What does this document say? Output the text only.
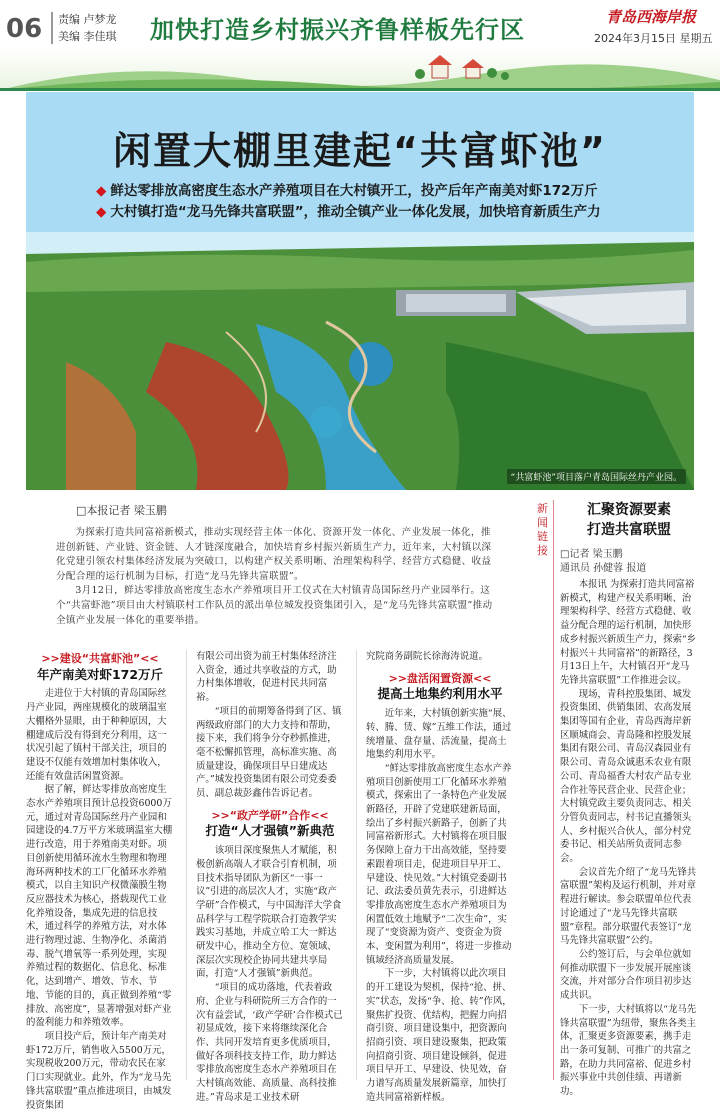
06	责编 卢梦龙
美编 李佳琪 加快打造乡村振兴齐鲁样板先行区	青岛西海岸报
2024年3月15日 星期五
闲置大棚里建起“共富虾池”
◆ 鲜达零排放高密度生态水产养殖项目在大村镇开工，投产后年产南美对虾172万斤
◆ 大村镇打造“龙马先锋共富联盟”，推动全镇产业一体化发展，加快培育新质生产力
“共富虾池”项目落户青岛国际丝丹产业园。
□本报记者 梁玉鹏

为探索打造共同富裕新模式，推动实现经营主体一体化、资源开发一体化、产业发展一体化，推进创新链、产业链、资金链、人才链深度融合，加快培育乡村振兴新质生产力，近年来，大村镇以深化党建引领农村集体经济发展为突破口，以构建产权关系明晰、治理架构科学、经营方式稳健、收益分配合理的运行机制为目标，打造“龙马先锋共富联盟”。

3月12日，鲜达零排放高密度生态水产养殖项目开工仪式在大村镇青岛国际丝丹产业园举行。这个“共富虾池”项目由大村镇联村工作队员的派出单位城发投资集团引入，是“龙马先锋共富联盟”推动全镇产业发展一体化的重要举措。

新闻链接
汇聚资源要素
打造共富联盟
□记者 梁玉鹏
通讯员 孙健蓉 报道

本报讯 为探索打造共同富裕新模式，构建产权关系明晰、治理架构科学、经营方式稳健、收益分配合理的运行机制，加快形成乡村振兴新质生产力，探索“乡村振兴＋共同富裕”的新路径，3月13日上午，大村镇召开“龙马先锋共富联盟”工作推进会议。

现场，青科控股集团、城发投资集团、供销集团、农高发展集团等国有企业，青岛西海岸新区顺城商会、青岛隆和控股发展集团有限公司、青岛汉森园业有限公司、青岛众诚惠禾农业有限公司、青岛福香大村农产品专业合作社等民营企业、民营企业；大村镇党政主要负责同志、相关分管负责同志，村书记直播领头人、乡村振兴合伙人，部分村党委书记、相关站所负责同志参会。

会议首先介绍了“龙马先锋共富联盟”架构及运行机制，并对章程进行解读。参会联盟单位代表讨论通过了“龙马先锋共富联盟”章程。部分联盟代表签订“龙马先锋共富联盟”公约。

公约签订后，与会单位就如何推动联盟下一步发展开展座谈交流，并对部分合作项目初步达成共识。

下一步，大村镇将以“龙马先锋共富联盟”为纽带，聚焦各类主体，汇聚更多资源要素，携手走出一条可复制、可推广的共富之路，在助力共同富裕、促进乡村振兴事业中共创佳绩、再谱新功。

>>建设“共富虾池”<<
年产南美对虾172万斤

走进位于大村镇的青岛国际丝丹产业园，两座规模化的玻璃温室大棚格外显眼，由于种种原因，大棚建成后没有得到充分利用，这一状况引起了镇村干部关注，项目的建设不仅能有效增加村集体收入，还能有效盘活闲置资源。

据了解，鲜达零排放高密度生态水产养殖项目预计总投资6000万元，通过对青岛国际丝丹产业园和园建设的4.7万平方米玻璃温室大棚进行改造，用于养殖南美对虾。项目创新使用循环流水生物理和物理海环两种技术的工厂化循环水养殖模式，以自主知识产权微藻膜生物反应器技术为核心，搭载现代工业化养殖设备，集成先进的信息技术，通过科学的养殖方法，对水体进行物理过滤、生物净化、杀菌消毒、脱气增氧等一系列处理，实现养殖过程的数据化、信息化、标准化，达到增产、增效、节水、节地、节能的目的，真正做到养殖“零排放、高密度”，显著增强对虾产业的盈利能力和养殖效率。

项目投产后，预计年产南美对虾172万斤，销售收入5500万元，实现税收200万元，带动农民在家门口实现就业。此外，作为“龙马先锋共富联盟”重点推进项目，由城发投资集团

有限公司出资为前王村集体经济注入资金，通过共享收益的方式，助力村集体增收，促进村民共同富裕。

“项目的前期筹备得到了区、镇两级政府部门的大力支持和帮助，接下来，我们将争分夺秒抓推进，毫不松懈抓管理，高标准实施、高质量建设，确保项目早日建成达产。”城发投资集团有限公司党委委员、副总裁彭鑫伟告诉记者。

>>“政产学研”合作<<
打造“人才强镇”新典范

该项目深度聚焦人才赋能，积极创新高端人才联合引育机制，项目技术指导团队为新区“一事一议”引进的高层次人才，实施“政产学研”合作模式，与中国海洋大学食品科学与工程学院联合打造教学实践实习基地，并成立哈工大一鲜达研发中心，推动全方位、宽领域、深层次实现校企协同共建共享局面，打造“人才强镇”新典范。

“项目的成功落地，代表着政府、企业与科研院所三方合作的一次有益尝试，‘政产学研’合作模式已初显成效，接下来将继续深化合作、共同开发培育更多优质项目，做好各项科技支持工作，助力鲜达零排放高密度生态水产养殖项目在大村镇高效能、高质量、高科技推进。”青岛求是工业技术研

究院商务副院长徐海涛说道。

>>盘活闲置资源<<
提高土地集约利用水平

近年来，大村镇创新实施“展、转、腾、赁、嫁”五维工作法，通过统增量、盘存量、活流量，提高土地集约利用水平。

“鲜达零排放高密度生态水产养殖项目创新使用工厂化循环水养殖模式，探索出了一条特色产业发展新路径，开辟了党建联建新局面，绘出了乡村振兴新路子，创新了共同富裕新形式。大村镇将在项目服务保障上奋力干出高效能，坚持要素跟着项目走，促进项目早开工、早建设、快见效。”大村镇党委副书记、政法委员黄先表示，引进鲜达零排放高密度生态水产养殖项目为闲置低效土地赋予“二次生命”，实现了“变资源为资产、变资金为资本、变闲置为利用”，将进一步推动镇域经济高质量发展。

下一步，大村镇将以此次项目的开工建设为契机，保持“抢、拼、实”状态，发扬“争、抢、转”作风，聚焦扩投资、优结构，把握力向招商引资、项目建设集中，把资源向招商引资、项目建设聚集，把政策向招商引资、项目建设倾斜，促进项目早开工、早建设、快见效，奋力谱写高质量发展新篇章，加快打造共同富裕新样板。
